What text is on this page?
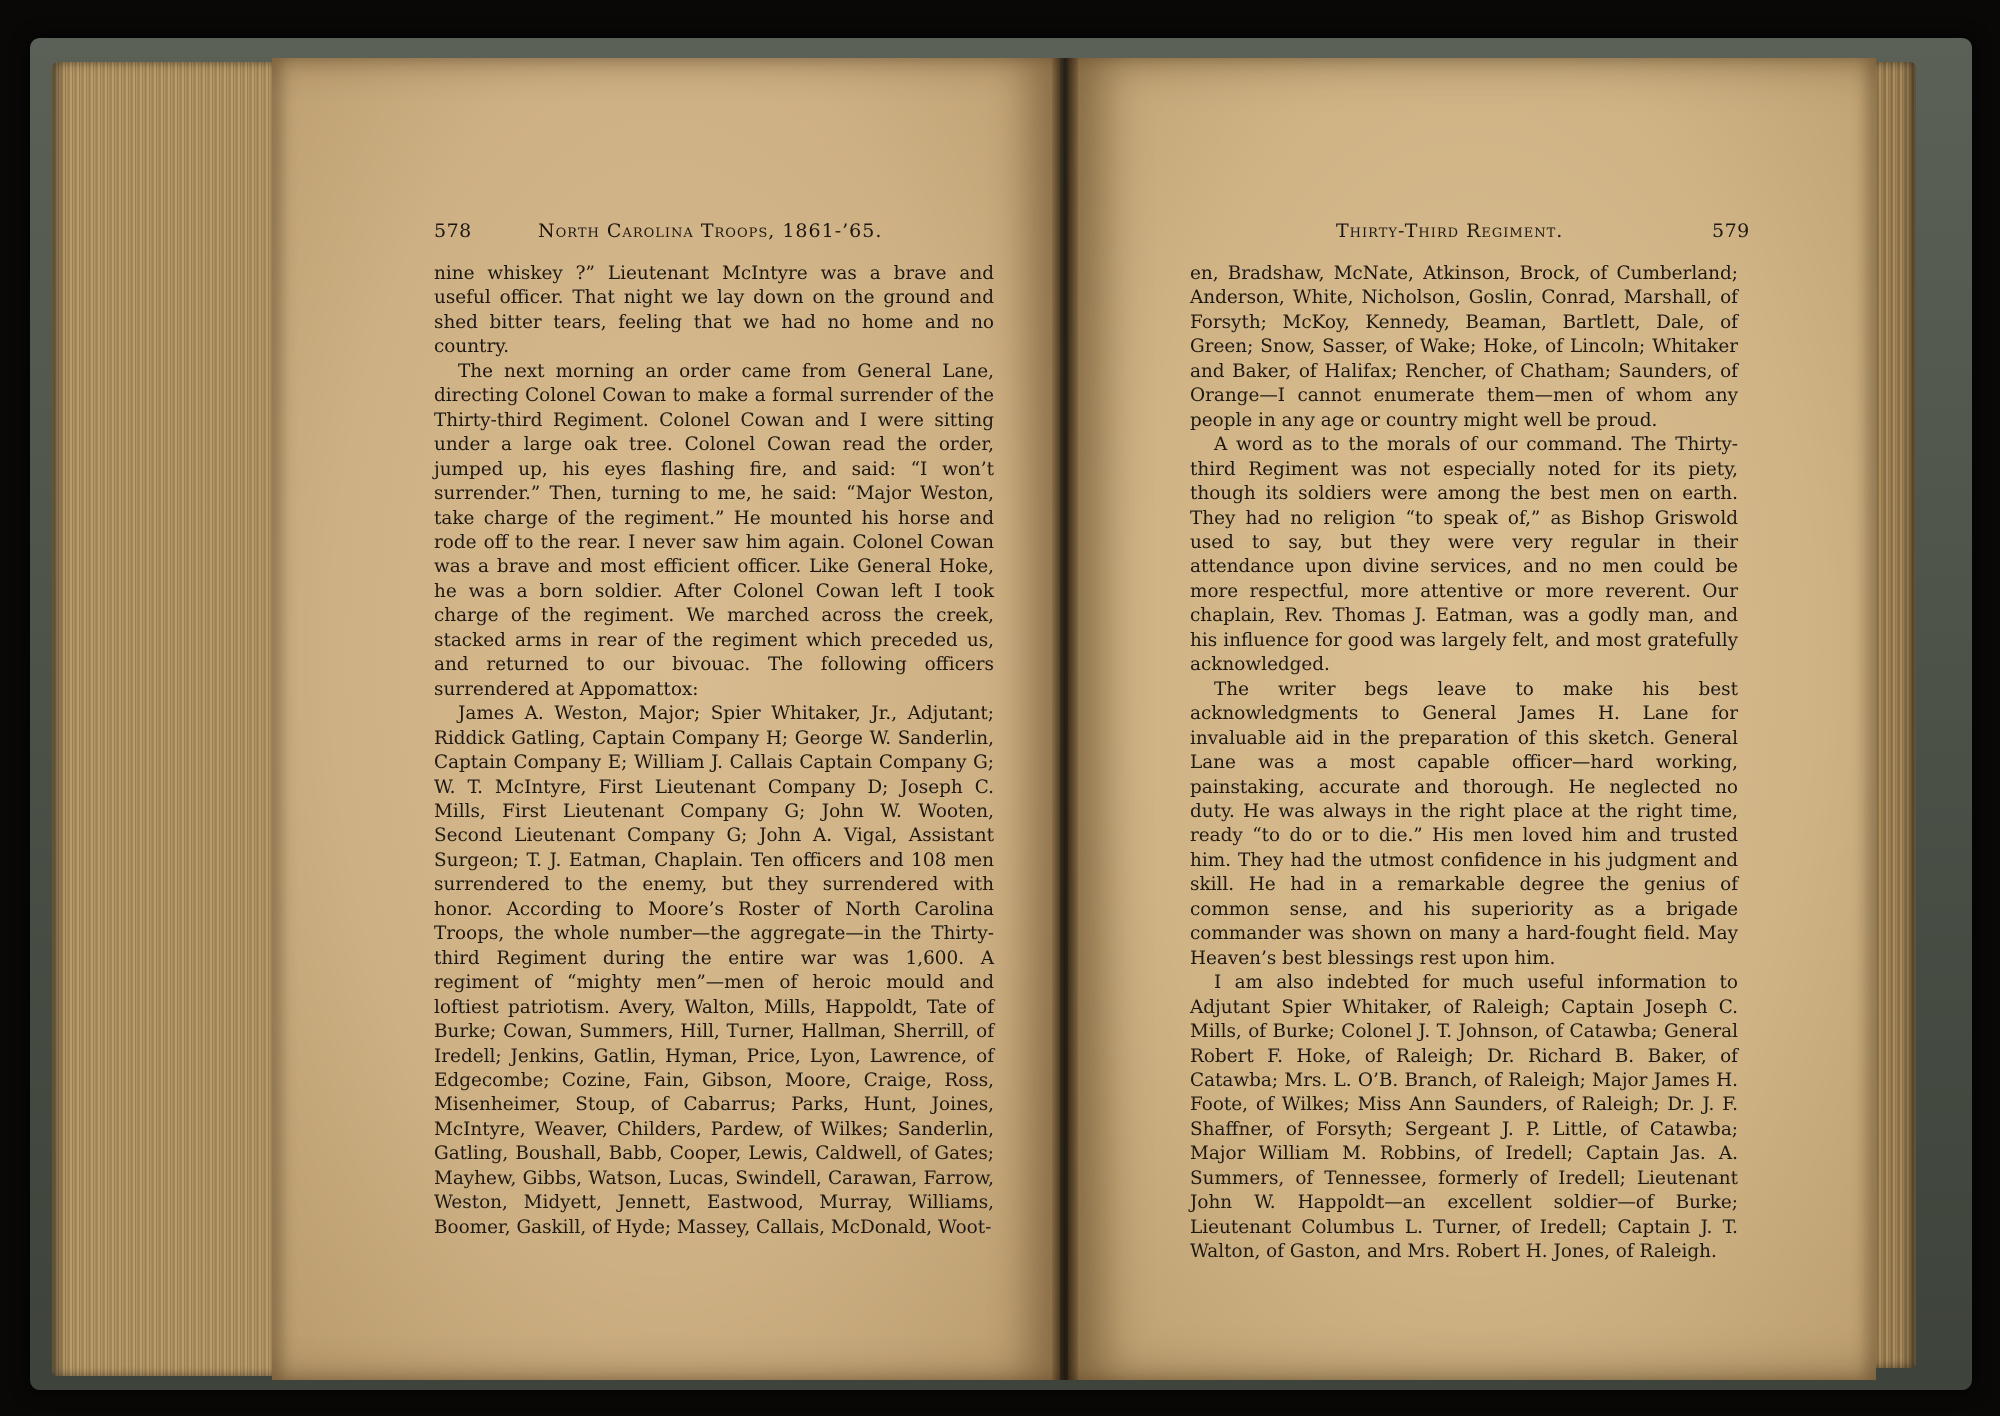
578	North Carolina Troops, 1861-’65.	Thirty-Third Regiment.	579

nine whiskey ?” Lieutenant McIntyre was a brave and useful officer. That night we lay down on the ground and shed bitter tears, feeling that we had no home and no country.

The next morning an order came from General Lane, directing Colonel Cowan to make a formal surrender of the Thirty-third Regiment. Colonel Cowan and I were sitting under a large oak tree. Colonel Cowan read the order, jumped up, his eyes flashing fire, and said: “I won’t surrender.” Then, turning to me, he said: “Major Weston, take charge of the regiment.” He mounted his horse and rode off to the rear. I never saw him again. Colonel Cowan was a brave and most efficient officer. Like General Hoke, he was a born soldier. After Colonel Cowan left I took charge of the regiment. We marched across the creek, stacked arms in rear of the regiment which preceded us, and returned to our bivouac. The following officers surrendered at Appomattox:

James A. Weston, Major; Spier Whitaker, Jr., Adjutant; Riddick Gatling, Captain Company H; George W. Sanderlin, Captain Company E; William J. Callais Captain Company G; W. T. McIntyre, First Lieutenant Company D; Joseph C. Mills, First Lieutenant Company G; John W. Wooten, Second Lieutenant Company G; John A. Vigal, Assistant Surgeon; T. J. Eatman, Chaplain. Ten officers and 108 men surrendered to the enemy, but they surrendered with honor. According to Moore’s Roster of North Carolina Troops, the whole number—the aggregate—in the Thirty-third Regiment during the entire war was 1,600. A regiment of “mighty men”—men of heroic mould and loftiest patriotism. Avery, Walton, Mills, Happoldt, Tate of Burke; Cowan, Summers, Hill, Turner, Hallman, Sherrill, of Iredell; Jenkins, Gatlin, Hyman, Price, Lyon, Lawrence, of Edgecombe; Cozine, Fain, Gibson, Moore, Craige, Ross, Misenheimer, Stoup, of Cabarrus; Parks, Hunt, Joines, McIntyre, Weaver, Childers, Pardew, of Wilkes; Sanderlin, Gatling, Boushall, Babb, Cooper, Lewis, Caldwell, of Gates; Mayhew, Gibbs, Watson, Lucas, Swindell, Carawan, Farrow, Weston, Midyett, Jennett, Eastwood, Murray, Williams, Boomer, Gaskill, of Hyde; Massey, Callais, McDonald, Woot-

en, Bradshaw, McNate, Atkinson, Brock, of Cumberland; Anderson, White, Nicholson, Goslin, Conrad, Marshall, of Forsyth; McKoy, Kennedy, Beaman, Bartlett, Dale, of Green; Snow, Sasser, of Wake; Hoke, of Lincoln; Whitaker and Baker, of Halifax; Rencher, of Chatham; Saunders, of Orange—I cannot enumerate them—men of whom any people in any age or country might well be proud.

A word as to the morals of our command. The Thirty-third Regiment was not especially noted for its piety, though its soldiers were among the best men on earth. They had no religion “to speak of,” as Bishop Griswold used to say, but they were very regular in their attendance upon divine services, and no men could be more respectful, more attentive or more reverent. Our chaplain, Rev. Thomas J. Eatman, was a godly man, and his influence for good was largely felt, and most gratefully acknowledged.

The writer begs leave to make his best acknowledgments to General James H. Lane for invaluable aid in the preparation of this sketch. General Lane was a most capable officer—hard working, painstaking, accurate and thorough. He neglected no duty. He was always in the right place at the right time, ready “to do or to die.” His men loved him and trusted him. They had the utmost confidence in his judgment and skill. He had in a remarkable degree the genius of common sense, and his superiority as a brigade commander was shown on many a hard-fought field. May Heaven’s best blessings rest upon him.

I am also indebted for much useful information to Adjutant Spier Whitaker, of Raleigh; Captain Joseph C. Mills, of Burke; Colonel J. T. Johnson, of Catawba; General Robert F. Hoke, of Raleigh; Dr. Richard B. Baker, of Catawba; Mrs. L. O’B. Branch, of Raleigh; Major James H. Foote, of Wilkes; Miss Ann Saunders, of Raleigh; Dr. J. F. Shaffner, of Forsyth; Sergeant J. P. Little, of Catawba; Major William M. Robbins, of Iredell; Captain Jas. A. Summers, of Tennessee, formerly of Iredell; Lieutenant John W. Happoldt—an excellent soldier—of Burke; Lieutenant Columbus L. Turner, of Iredell; Captain J. T. Walton, of Gaston, and Mrs. Robert H. Jones, of Raleigh.
